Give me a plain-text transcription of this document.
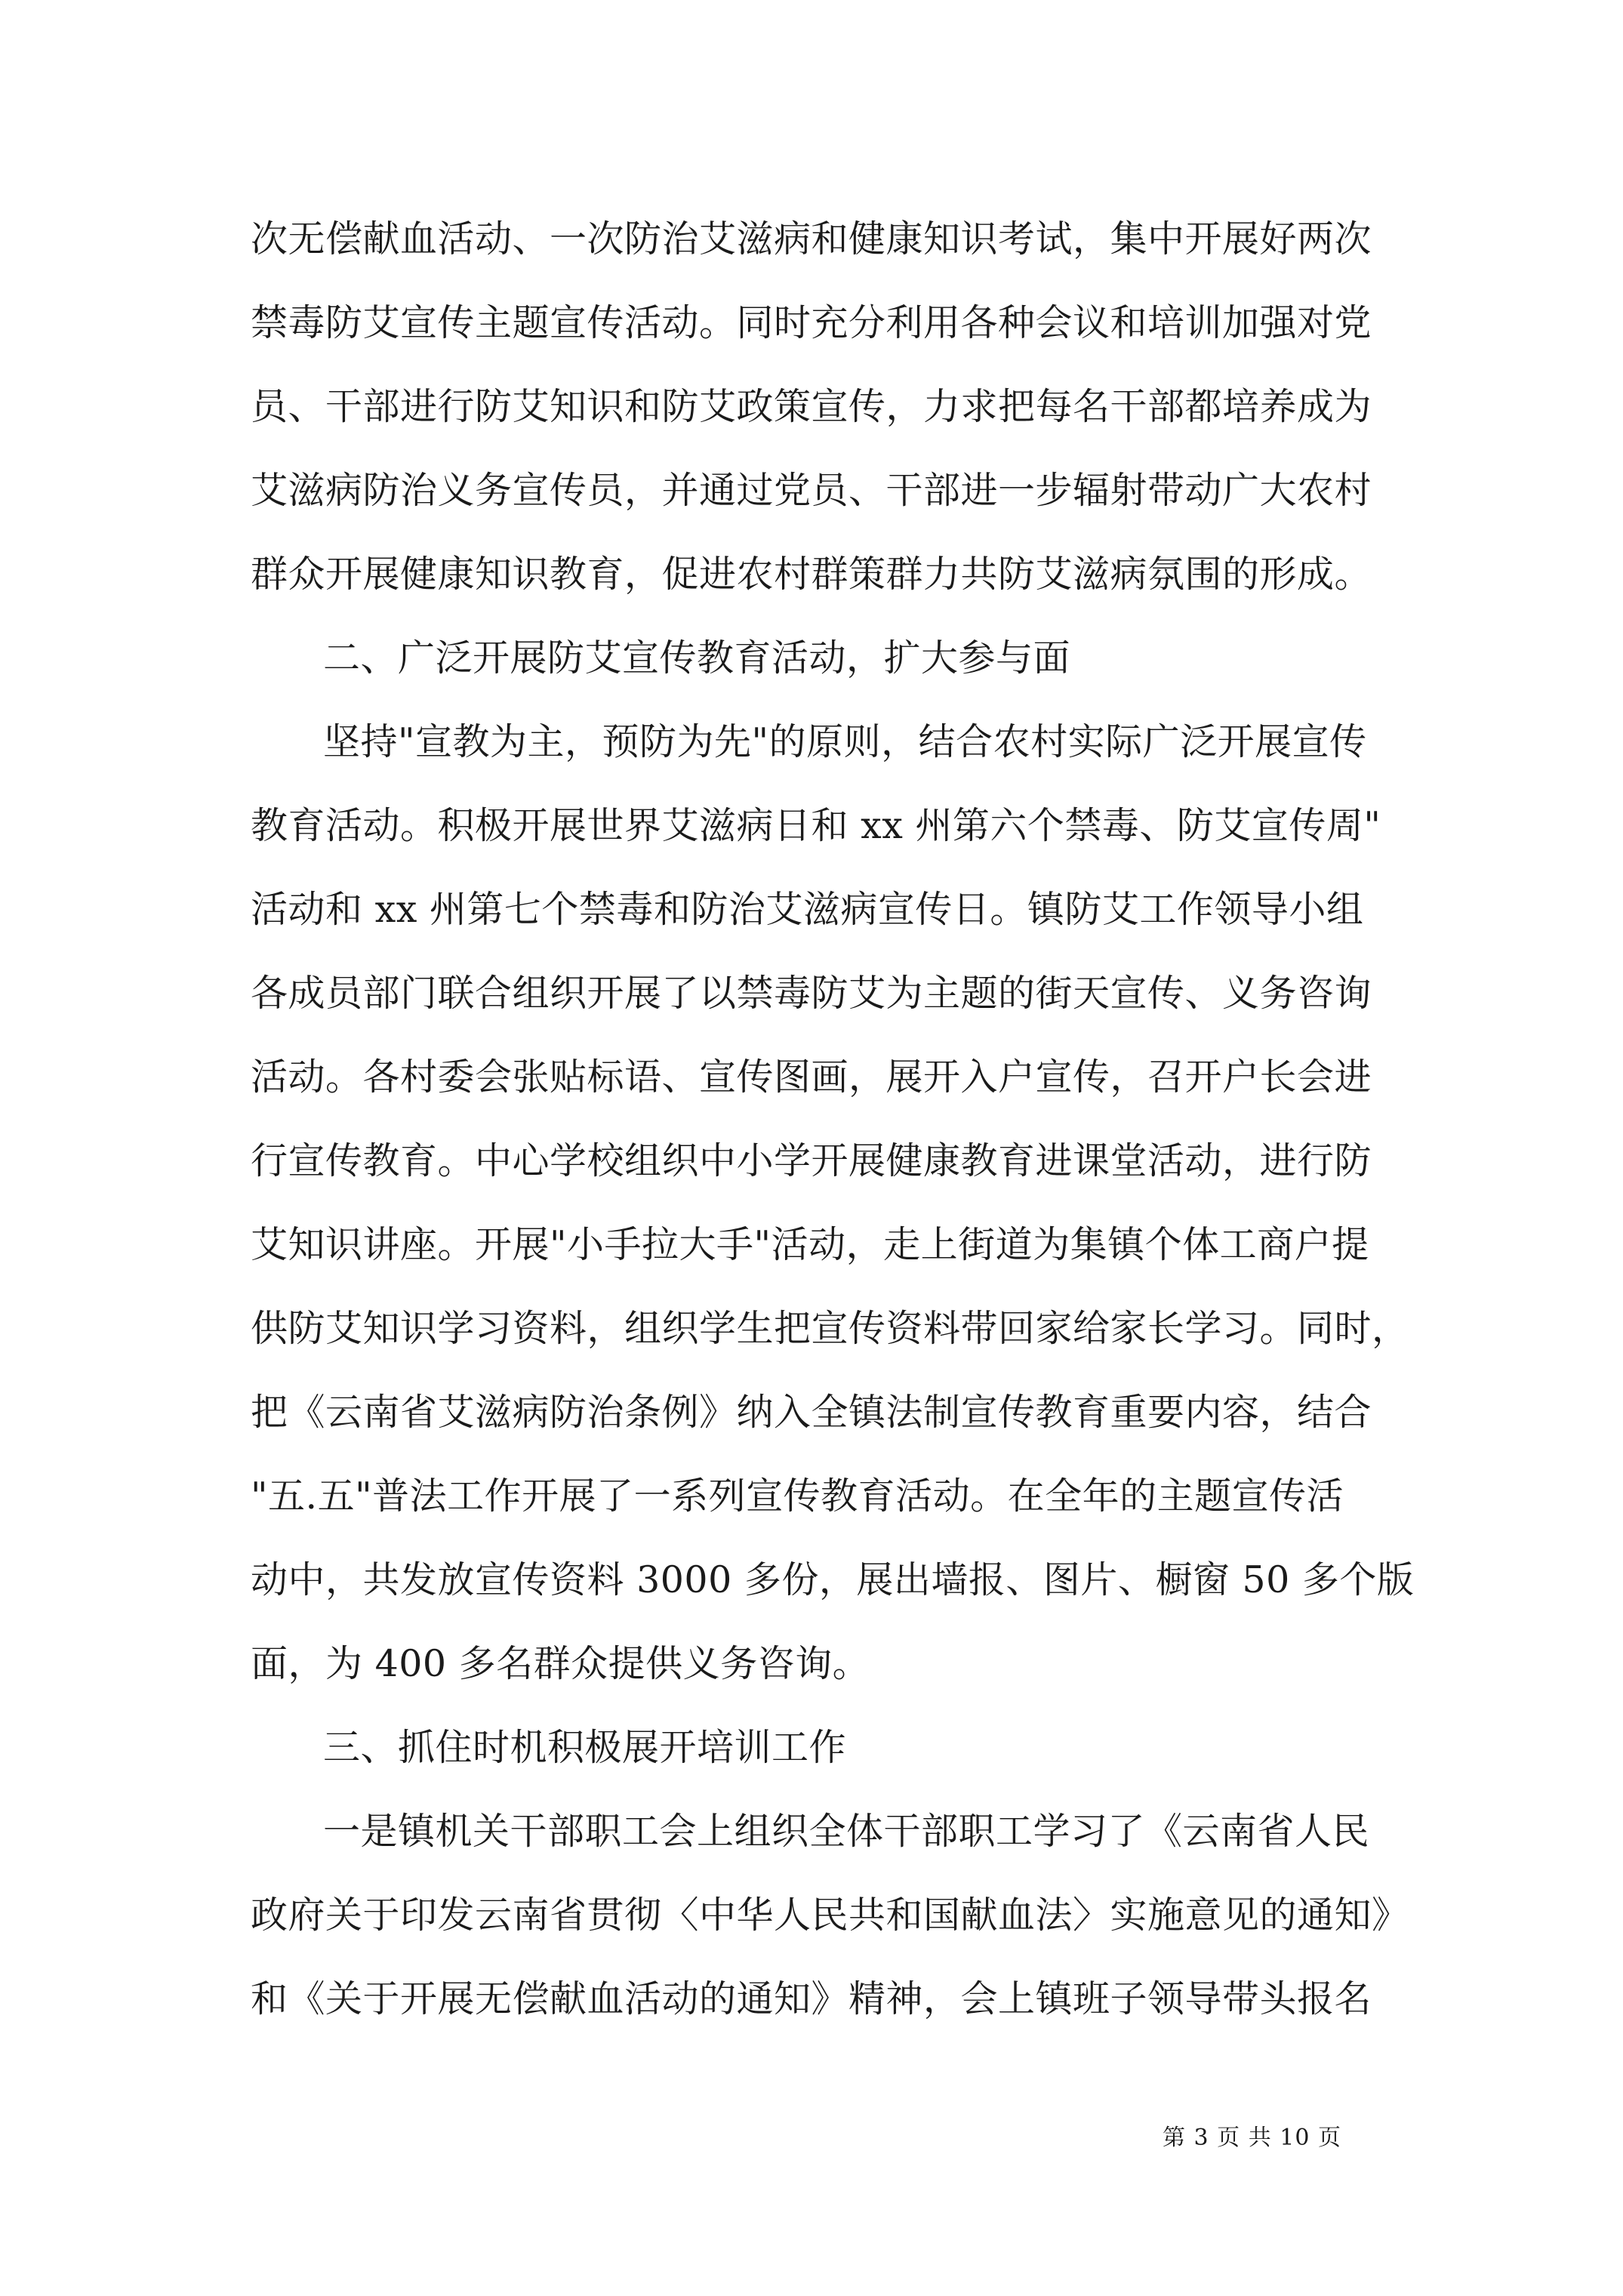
次无偿献血活动、一次防治艾滋病和健康知识考试，集中开展好两次
禁毒防艾宣传主题宣传活动。同时充分利用各种会议和培训加强对党
员、干部进行防艾知识和防艾政策宣传，力求把每名干部都培养成为
艾滋病防治义务宣传员，并通过党员、干部进一步辐射带动广大农村
群众开展健康知识教育，促进农村群策群力共防艾滋病氛围的形成。
二、广泛开展防艾宣传教育活动，扩大参与面
坚持"宣教为主，预防为先"的原则，结合农村实际广泛开展宣传
教育活动。积极开展世界艾滋病日和 xx 州第六个禁毒、防艾宣传周"
活动和 xx 州第七个禁毒和防治艾滋病宣传日。镇防艾工作领导小组
各成员部门联合组织开展了以禁毒防艾为主题的街天宣传、义务咨询
活动。各村委会张贴标语、宣传图画，展开入户宣传，召开户长会进
行宣传教育。中心学校组织中小学开展健康教育进课堂活动，进行防
艾知识讲座。开展"小手拉大手"活动，走上街道为集镇个体工商户提
供防艾知识学习资料，组织学生把宣传资料带回家给家长学习。同时，
把《云南省艾滋病防治条例》纳入全镇法制宣传教育重要内容，结合
"五.五"普法工作开展了一系列宣传教育活动。在全年的主题宣传活
动中，共发放宣传资料 3000 多份，展出墙报、图片、橱窗 50 多个版
面，为 400 多名群众提供义务咨询。
三、抓住时机积极展开培训工作
一是镇机关干部职工会上组织全体干部职工学习了《云南省人民
政府关于印发云南省贯彻〈中华人民共和国献血法〉实施意见的通知》
和《关于开展无偿献血活动的通知》精神，会上镇班子领导带头报名
第 3 页 共 10 页
